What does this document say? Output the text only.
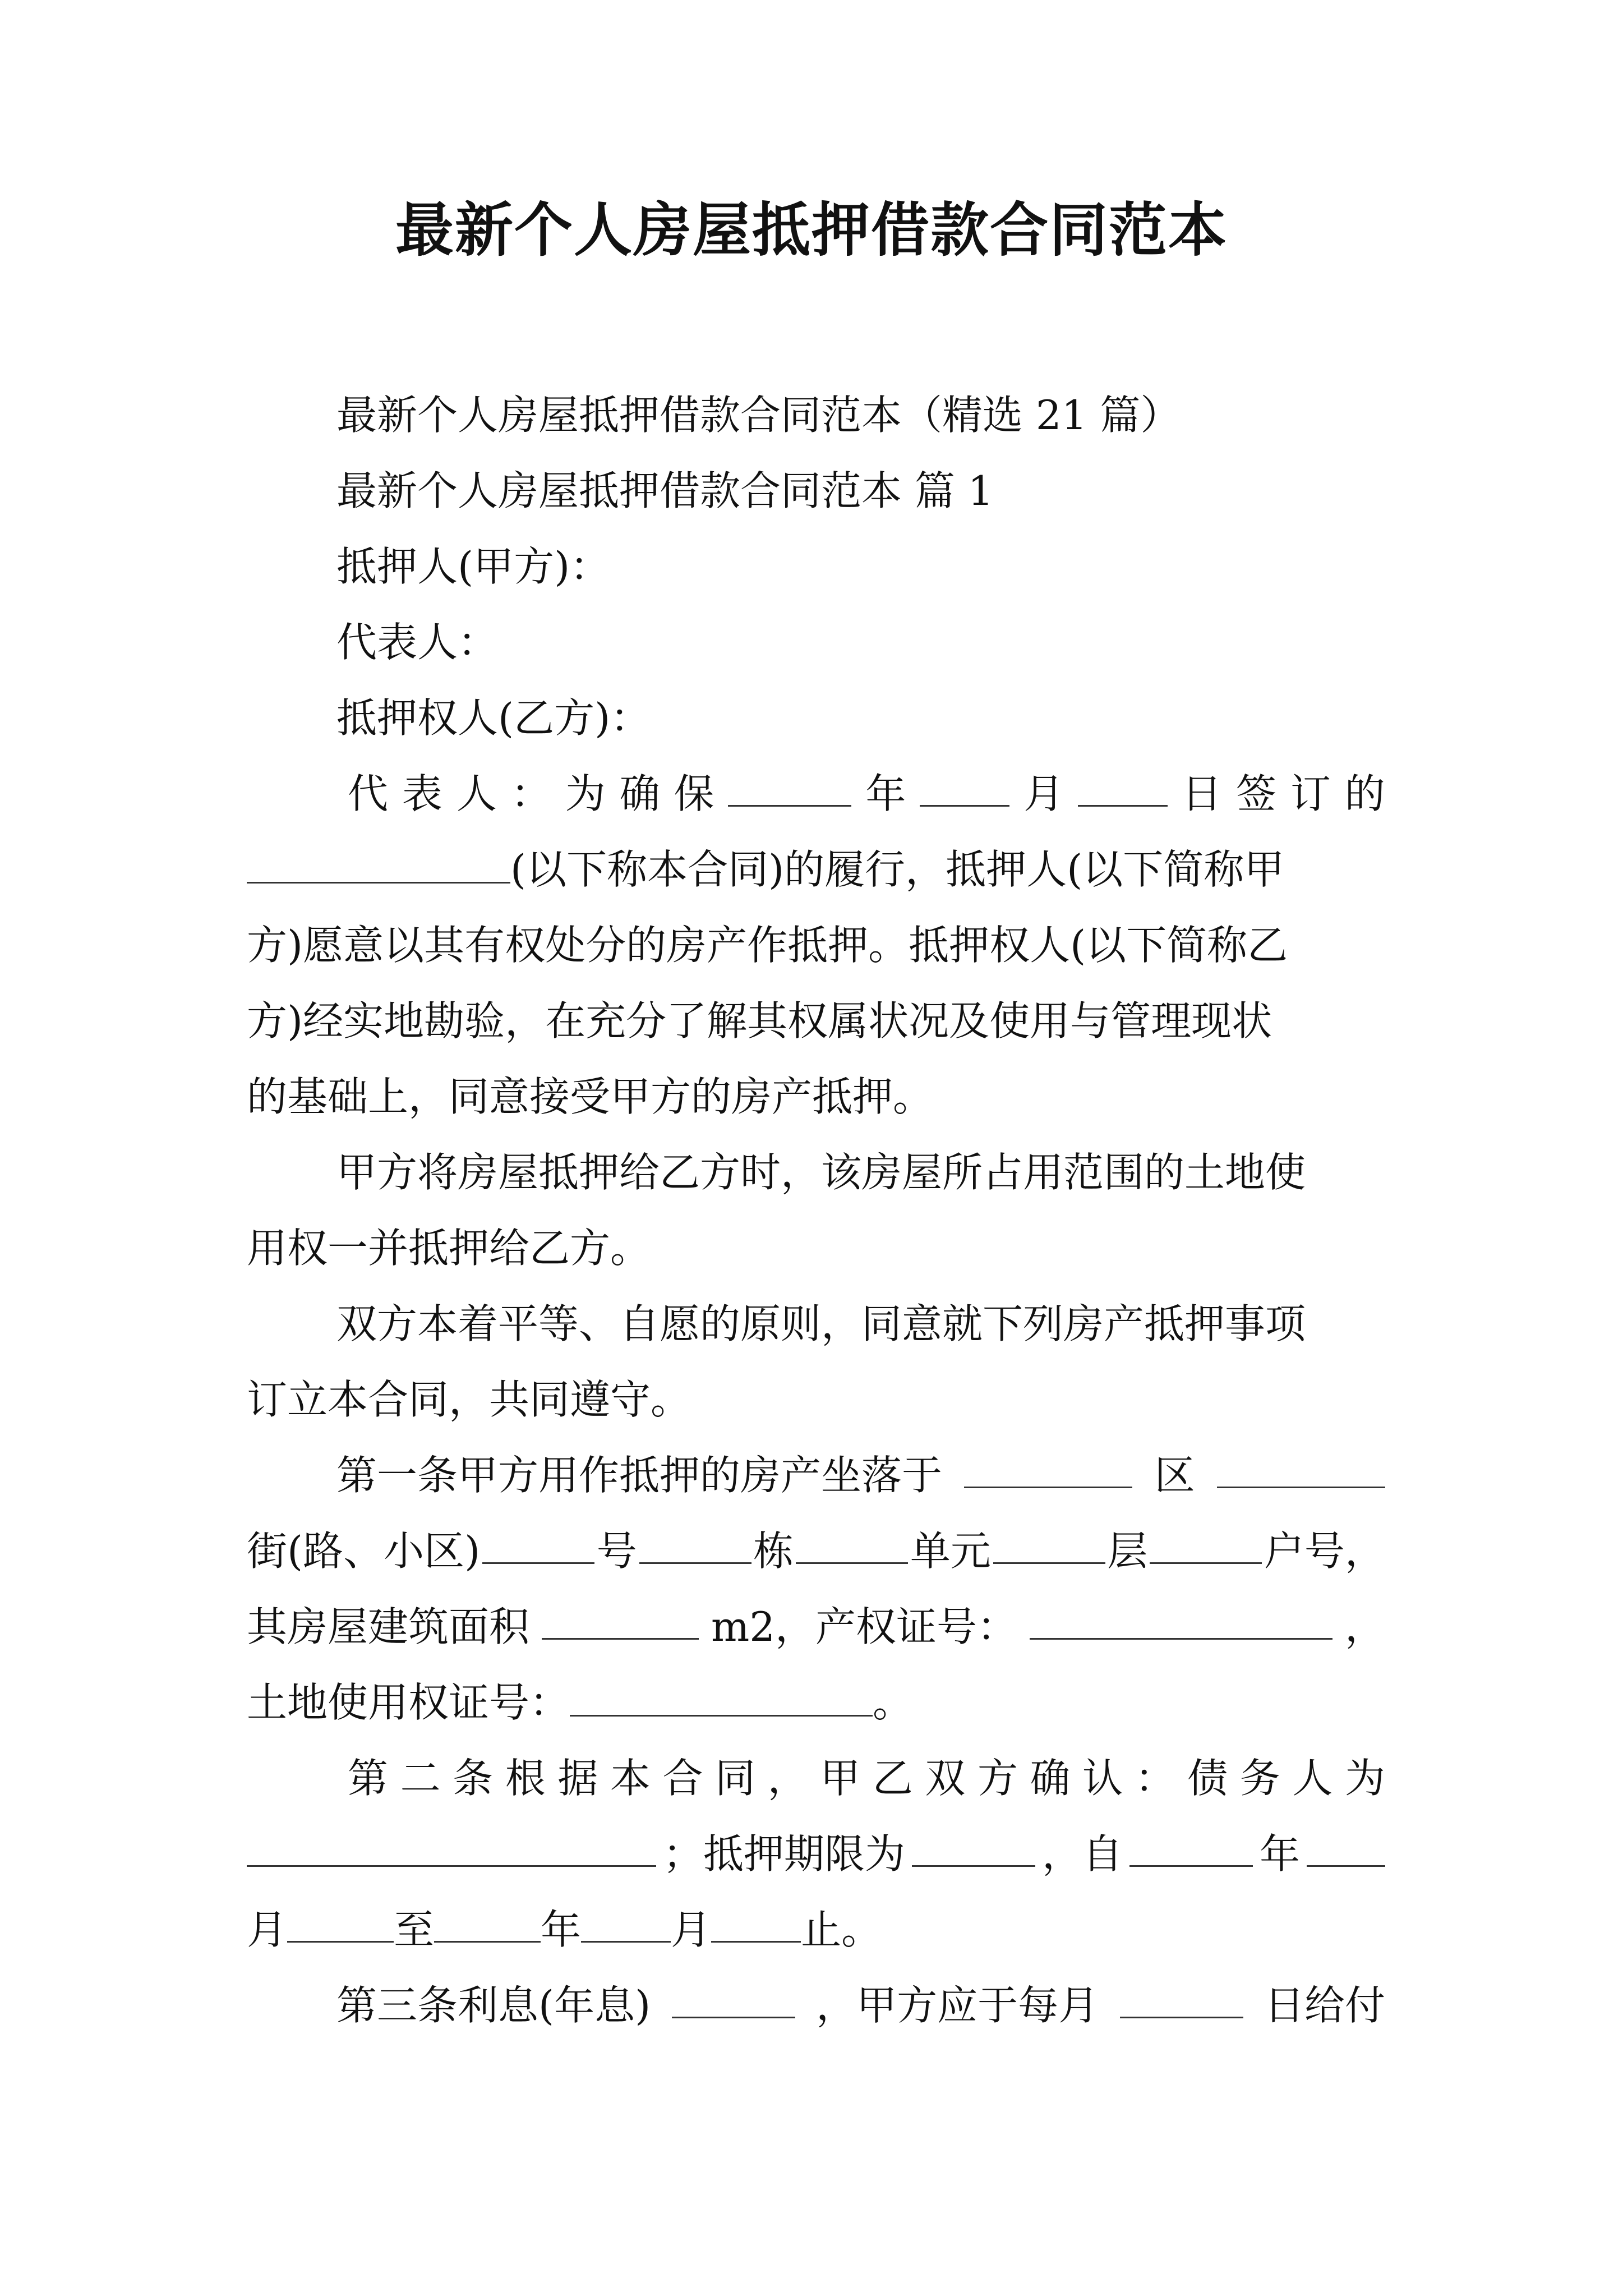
最新个人房屋抵押借款合同范本

最新个人房屋抵押借款合同范本（精选 21 篇）

最新个人房屋抵押借款合同范本 篇 1

抵押人(甲方)：

代表人：

抵押权人(乙方)：

代 表 人 ： 为 确 保	年	月	日 签 订 的
(以下称本合同)的履行，抵押人(以下简称甲

方)愿意以其有权处分的房产作抵押。抵押权人(以下简称乙

方)经实地勘验，在充分了解其权属状况及使用与管理现状

的基础上，同意接受甲方的房产抵押。

甲方将房屋抵押给乙方时，该房屋所占用范围的土地使

用权一并抵押给乙方。

双方本着平等、自愿的原则，同意就下列房产抵押事项

订立本合同，共同遵守。

第一条甲方用作抵押的房产坐落于	区
街(路、小区)	号	栋	单元	层	户号，
其房屋建筑面积	m2，产权证号：	，
土地使用权证号：	。
第 二 条 根 据 本 合 同 ， 甲 乙 双 方 确 认 ： 债 务 人 为
；抵押期限为	，自	年
月	至	年 月 止。
第三条利息(年息)	，甲方应于每月	日给付
